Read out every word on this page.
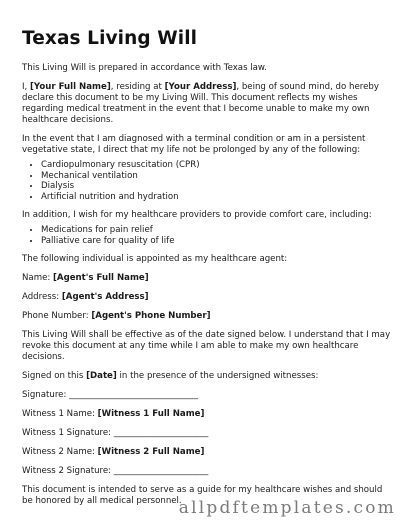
Texas Living Will

This Living Will is prepared in accordance with Texas law.

I, [Your Full Name], residing at [Your Address], being of sound mind, do hereby declare this document to be my Living Will. This document reflects my wishes regarding medical treatment in the event that I become unable to make my own healthcare decisions.

In the event that I am diagnosed with a terminal condition or am in a persistent vegetative state, I direct that my life not be prolonged by any of the following:

• Cardiopulmonary resuscitation (CPR)
• Mechanical ventilation
• Dialysis
• Artificial nutrition and hydration

In addition, I wish for my healthcare providers to provide comfort care, including:

• Medications for pain relief
• Palliative care for quality of life

The following individual is appointed as my healthcare agent:

Name: [Agent's Full Name]

Address: [Agent's Address]

Phone Number: [Agent's Phone Number]

This Living Will shall be effective as of the date signed below. I understand that I may revoke this document at any time while I am able to make my own healthcare decisions.

Signed on this [Date] in the presence of the undersigned witnesses:

Signature: ______________________________

Witness 1 Name: [Witness 1 Full Name]

Witness 1 Signature: ______________________

Witness 2 Name: [Witness 2 Full Name]

Witness 2 Signature: ______________________

This document is intended to serve as a guide for my healthcare wishes and should be honored by all medical personnel.

allpdftemplates.com
